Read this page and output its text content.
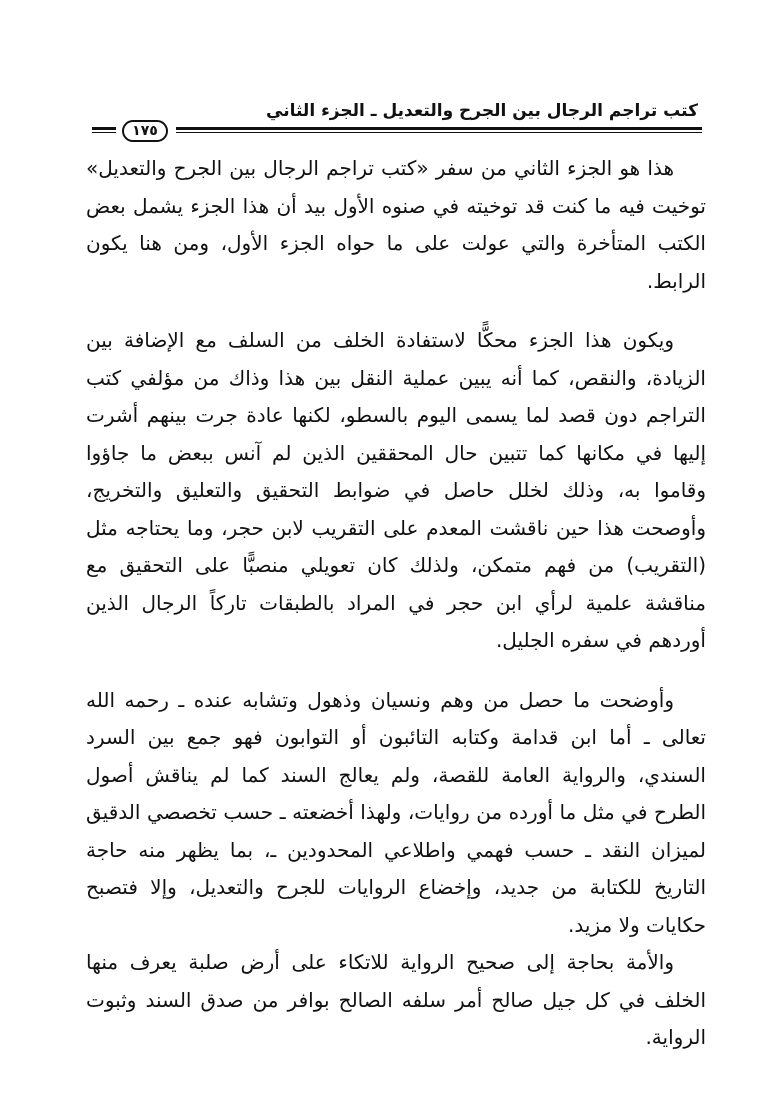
كتب تراجم الرجال بين الجرح والتعديل ـ الجزء الثاني
١٧٥

هذا هو الجزء الثاني من سفر «كتب تراجم الرجال بين الجرح والتعديل» توخيت فيه ما كنت قد توخيته في صنوه الأول بيد أن هذا الجزء يشمل بعض الكتب المتأخرة والتي عولت على ما حواه الجزء الأول، ومن هنا يكون الرابط.

ويكون هذا الجزء محكًّا لاستفادة الخلف من السلف مع الإضافة بين الزيادة، والنقص، كما أنه يبين عملية النقل بين هذا وذاك من مؤلفي كتب التراجم دون قصد لما يسمى اليوم بالسطو، لكنها عادة جرت بينهم أشرت إليها في مكانها كما تتبين حال المحققين الذين لم آنس ببعض ما جاؤوا وقاموا به، وذلك لخلل حاصل في ضوابط التحقيق والتعليق والتخريج، وأوصحت هذا حين ناقشت المعدم على التقريب لابن حجر، وما يحتاجه مثل (التقريب) من فهم متمكن، ولذلك كان تعويلي منصبًّا على التحقيق مع مناقشة علمية لرأي ابن حجر في المراد بالطبقات تاركاً الرجال الذين أوردهم في سفره الجليل.

وأوضحت ما حصل من وهم ونسيان وذهول وتشابه عنده ـ رحمه الله تعالى ـ أما ابن قدامة وكتابه التائبون أو التوابون فهو جمع بين السرد السندي، والرواية العامة للقصة، ولم يعالج السند كما لم يناقش أصول الطرح في مثل ما أورده من روايات، ولهذا أخضعته ـ حسب تخصصي الدقيق لميزان النقد ـ حسب فهمي واطلاعي المحدودين ـ، بما يظهر منه حاجة التاريخ للكتابة من جديد، وإخضاع الروايات للجرح والتعديل، وإلا فتصبح حكايات ولا مزيد.

والأمة بحاجة إلى صحيح الرواية للاتكاء على أرض صلبة يعرف منها الخلف في كل جيل صالح أمر سلفه الصالح بوافر من صدق السند وثبوت الرواية.
